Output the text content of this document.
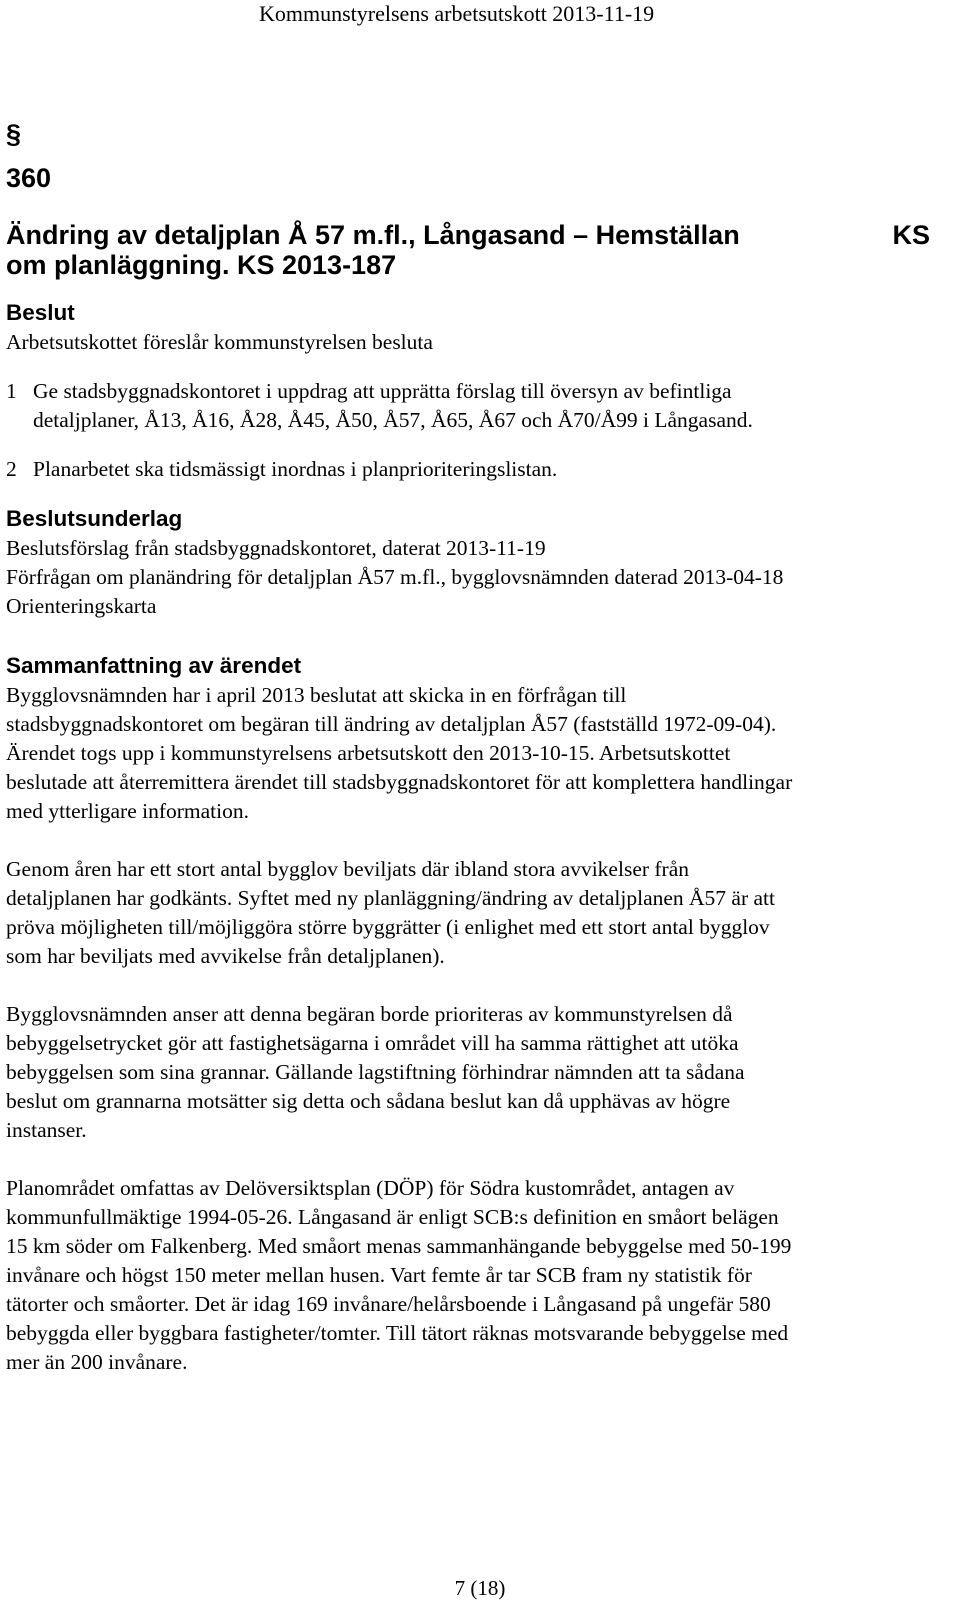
Kommunstyrelsens arbetsutskott 2013-11-19
§
360
Ändring av detaljplan Å 57 m.fl., Långasand – Hemställan
om planläggning. KS 2013-187
KS
Beslut
Arbetsutskottet föreslår kommunstyrelsen besluta
1 Ge stadsbyggnadskontoret i uppdrag att upprätta förslag till översyn av befintliga
detaljplaner, Å13, Å16, Å28, Å45, Å50, Å57, Å65, Å67 och Å70/Å99 i Långasand.
2 Planarbetet ska tidsmässigt inordnas i planprioriteringslistan.
Beslutsunderlag
Beslutsförslag från stadsbyggnadskontoret, daterat 2013-11-19
Förfrågan om planändring för detaljplan Å57 m.fl., bygglovsnämnden daterad 2013-04-18
Orienteringskarta
Sammanfattning av ärendet
Bygglovsnämnden har i april 2013 beslutat att skicka in en förfrågan till
stadsbyggnadskontoret om begäran till ändring av detaljplan Å57 (fastställd 1972-09-04).
Ärendet togs upp i kommunstyrelsens arbetsutskott den 2013-10-15. Arbetsutskottet
beslutade att återremittera ärendet till stadsbyggnadskontoret för att komplettera handlingar
med ytterligare information.
Genom åren har ett stort antal bygglov beviljats där ibland stora avvikelser från
detaljplanen har godkänts. Syftet med ny planläggning/ändring av detaljplanen Å57 är att
pröva möjligheten till/möjliggöra större byggrätter (i enlighet med ett stort antal bygglov
som har beviljats med avvikelse från detaljplanen).
Bygglovsnämnden anser att denna begäran borde prioriteras av kommunstyrelsen då
bebyggelsetrycket gör att fastighetsägarna i området vill ha samma rättighet att utöka
bebyggelsen som sina grannar. Gällande lagstiftning förhindrar nämnden att ta sådana
beslut om grannarna motsätter sig detta och sådana beslut kan då upphävas av högre
instanser.
Planområdet omfattas av Delöversiktsplan (DÖP) för Södra kustområdet, antagen av
kommunfullmäktige 1994-05-26. Långasand är enligt SCB:s definition en småort belägen
15 km söder om Falkenberg. Med småort menas sammanhängande bebyggelse med 50-199
invånare och högst 150 meter mellan husen. Vart femte år tar SCB fram ny statistik för
tätorter och småorter. Det är idag 169 invånare/helårsboende i Långasand på ungefär 580
bebyggda eller byggbara fastigheter/tomter. Till tätort räknas motsvarande bebyggelse med
mer än 200 invånare.
7 (18)
